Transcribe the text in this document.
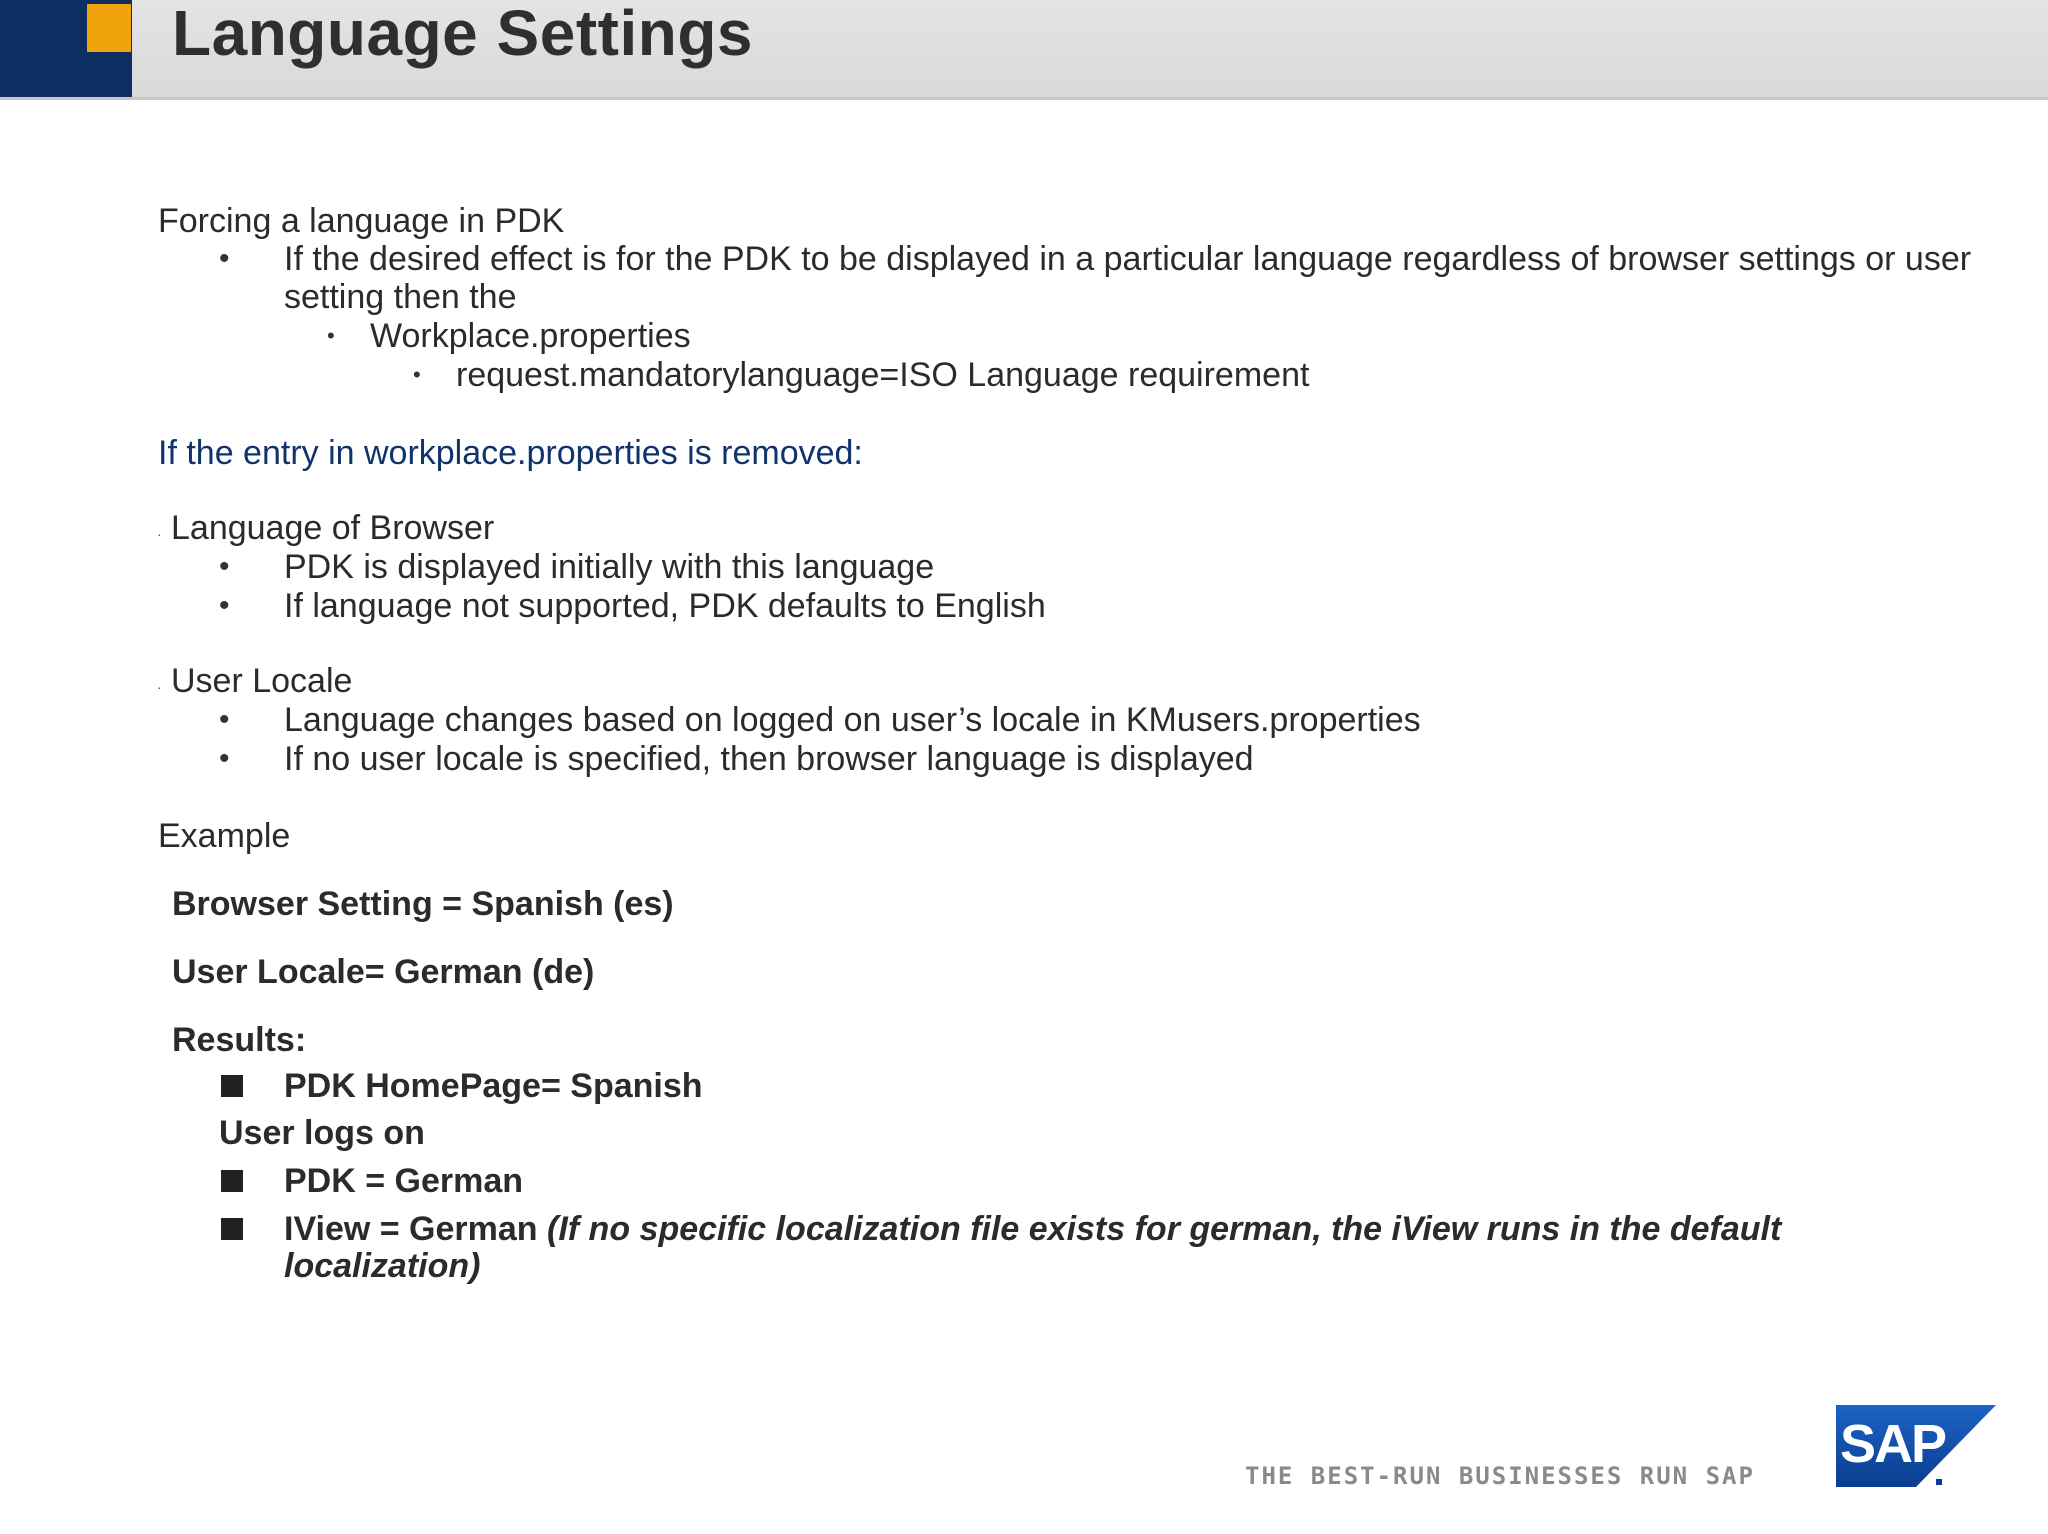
Language Settings
Forcing a language in PDK
• If the desired effect is for the PDK to be displayed in a particular language regardless of browser settings or user
setting then the
• Workplace.properties
• request.mandatorylanguage=ISO Language requirement
If the entry in workplace.properties is removed:
· Language of Browser
• PDK is displayed initially with this language
• If language not supported, PDK defaults to English
· User Locale
• Language changes based on logged on user’s locale in KMusers.properties
• If no user locale is specified, then browser language is displayed
Example
Browser Setting = Spanish (es)
User Locale= German (de)
Results:
PDK HomePage= Spanish
User logs on
PDK = German
IView = German (If no specific localization file exists for german, the iView runs in the default
localization)
THE BEST-RUN BUSINESSES RUN SAP
SAP
